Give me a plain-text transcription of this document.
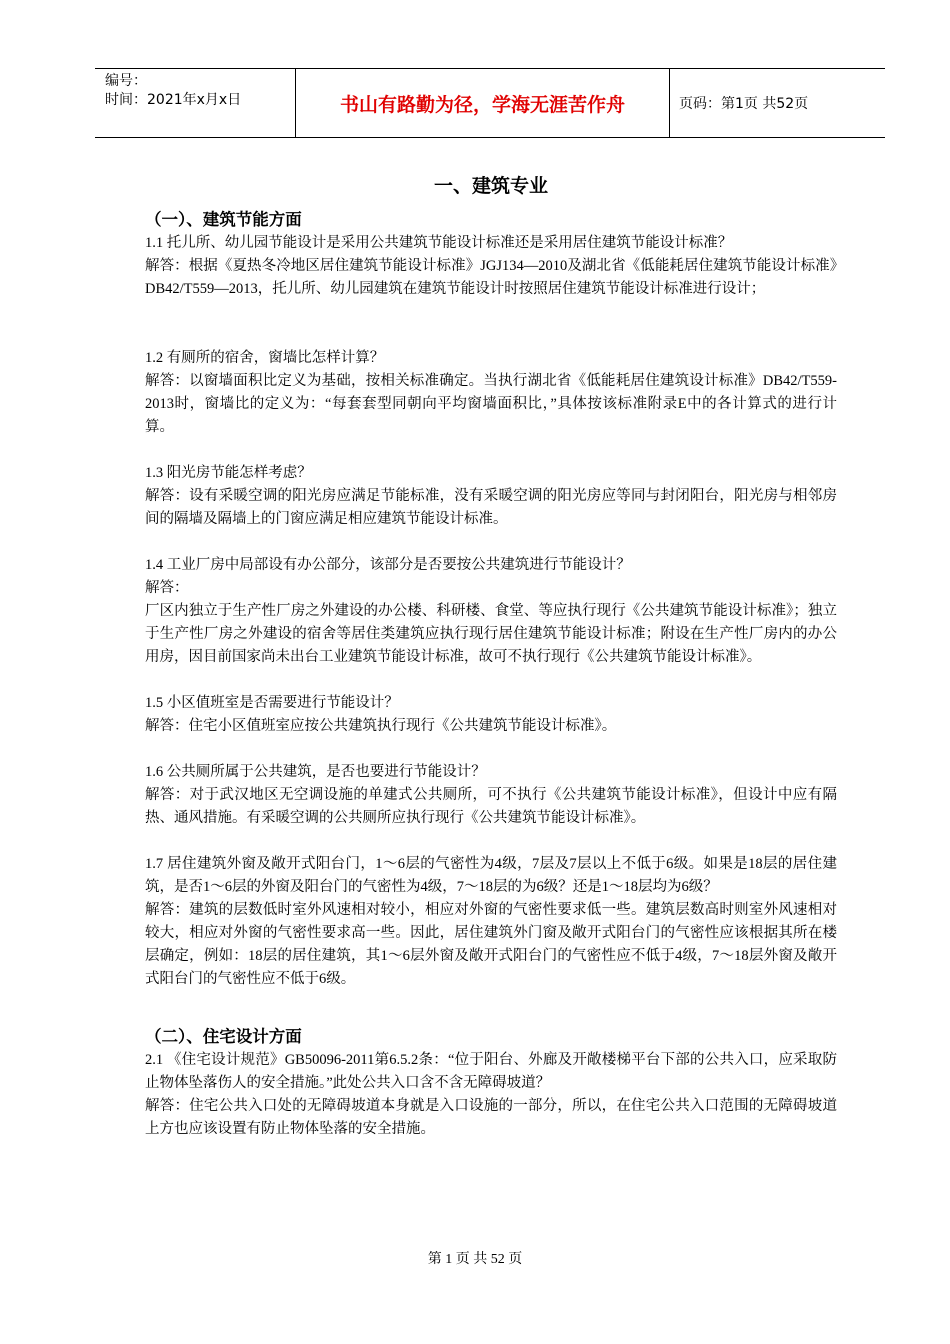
编号：
时间：2021年x月x日	书山有路勤为径，学海无涯苦作舟	页码：第1页 共52页
一、建筑专业
（一）、建筑节能方面

1.1 托儿所、幼儿园节能设计是采用公共建筑节能设计标准还是采用居住建筑节能设计标准？

解答：根据《夏热冬冷地区居住建筑节能设计标准》JGJ134—2010及湖北省《低能耗居住建筑节能设计标准》DB42/T559—2013，托儿所、幼儿园建筑在建筑节能设计时按照居住建筑节能设计标准进行设计；

1.2 有厕所的宿舍，窗墙比怎样计算？

解答：以窗墙面积比定义为基础，按相关标准确定。当执行湖北省《低能耗居住建筑设计标准》DB42/T559-2013时，窗墙比的定义为：“每套套型同朝向平均窗墙面积比，”具体按该标准附录E中的各计算式的进行计算。

1.3 阳光房节能怎样考虑？

解答：设有采暖空调的阳光房应满足节能标准，没有采暖空调的阳光房应等同与封闭阳台，阳光房与相邻房间的隔墙及隔墙上的门窗应满足相应建筑节能设计标准。

1.4 工业厂房中局部设有办公部分，该部分是否要按公共建筑进行节能设计？

解答：

厂区内独立于生产性厂房之外建设的办公楼、科研楼、食堂、等应执行现行《公共建筑节能设计标准》；独立于生产性厂房之外建设的宿舍等居住类建筑应执行现行居住建筑节能设计标准；附设在生产性厂房内的办公用房，因目前国家尚未出台工业建筑节能设计标准，故可不执行现行《公共建筑节能设计标准》。

1.5 小区值班室是否需要进行节能设计？

解答：住宅小区值班室应按公共建筑执行现行《公共建筑节能设计标准》。

1.6 公共厕所属于公共建筑，是否也要进行节能设计？

解答：对于武汉地区无空调设施的单建式公共厕所，可不执行《公共建筑节能设计标准》，但设计中应有隔热、通风措施。有采暖空调的公共厕所应执行现行《公共建筑节能设计标准》。

1.7 居住建筑外窗及敞开式阳台门，1～6层的气密性为4级，7层及7层以上不低于6级。如果是18层的居住建筑，是否1～6层的外窗及阳台门的气密性为4级，7～18层的为6级？还是1～18层均为6级？

解答：建筑的层数低时室外风速相对较小，相应对外窗的气密性要求低一些。建筑层数高时则室外风速相对较大，相应对外窗的气密性要求高一些。因此，居住建筑外门窗及敞开式阳台门的气密性应该根据其所在楼层确定，例如：18层的居住建筑，其1～6层外窗及敞开式阳台门的气密性应不低于4级，7～18层外窗及敞开式阳台门的气密性应不低于6级。

（二）、住宅设计方面

2.1 《住宅设计规范》GB50096-2011第6.5.2条：“位于阳台、外廊及开敞楼梯平台下部的公共入口，应采取防止物体坠落伤人的安全措施。”此处公共入口含不含无障碍坡道？

解答：住宅公共入口处的无障碍坡道本身就是入口设施的一部分，所以，在住宅公共入口范围的无障碍坡道上方也应该设置有防止物体坠落的安全措施。

第 1 页 共 52 页
